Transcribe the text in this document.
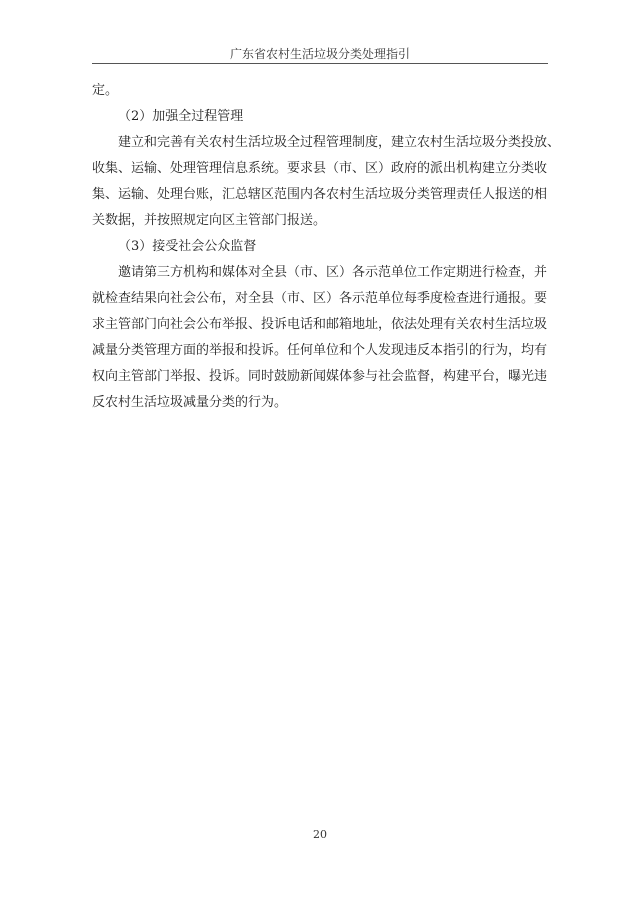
广东省农村生活垃圾分类处理指引
定。
（2）加强全过程管理
建立和完善有关农村生活垃圾全过程管理制度，建立农村生活垃圾分类投放、
收集、运输、处理管理信息系统。要求县（市、区）政府的派出机构建立分类收
集、运输、处理台账，汇总辖区范围内各农村生活垃圾分类管理责任人报送的相
关数据，并按照规定向区主管部门报送。
（3）接受社会公众监督
邀请第三方机构和媒体对全县（市、区）各示范单位工作定期进行检查，并
就检查结果向社会公布，对全县（市、区）各示范单位每季度检查进行通报。要
求主管部门向社会公布举报、投诉电话和邮箱地址，依法处理有关农村生活垃圾
减量分类管理方面的举报和投诉。任何单位和个人发现违反本指引的行为，均有
权向主管部门举报、投诉。同时鼓励新闻媒体参与社会监督，构建平台，曝光违
反农村生活垃圾减量分类的行为。
20
